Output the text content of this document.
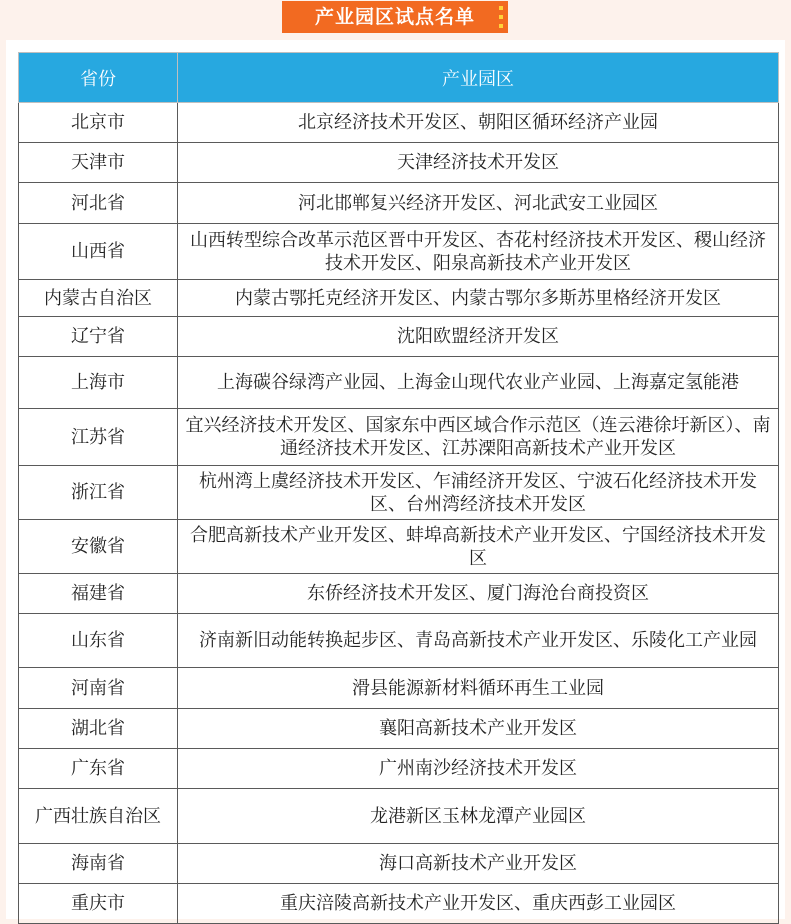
产业园区试点名单
省份	产业园区
北京市	北京经济技术开发区、朝阳区循环经济产业园
天津市	天津经济技术开发区
河北省	河北邯郸复兴经济开发区、河北武安工业园区
山西省	山西转型综合改革示范区晋中开发区、杏花村经济技术开发区、稷山经济技术开发区、阳泉高新技术产业开发区
内蒙古自治区	内蒙古鄂托克经济开发区、内蒙古鄂尔多斯苏里格经济开发区
辽宁省	沈阳欧盟经济开发区
上海市	上海碳谷绿湾产业园、上海金山现代农业产业园、上海嘉定氢能港
江苏省	宜兴经济技术开发区、国家东中西区域合作示范区（连云港徐圩新区）、南通经济技术开发区、江苏溧阳高新技术产业开发区
浙江省	杭州湾上虞经济技术开发区、乍浦经济开发区、宁波石化经济技术开发区、台州湾经济技术开发区
安徽省	合肥高新技术产业开发区、蚌埠高新技术产业开发区、宁国经济技术开发区
福建省	东侨经济技术开发区、厦门海沧台商投资区
山东省	济南新旧动能转换起步区、青岛高新技术产业开发区、乐陵化工产业园
河南省	滑县能源新材料循环再生工业园
湖北省	襄阳高新技术产业开发区
广东省	广州南沙经济技术开发区
广西壮族自治区	龙港新区玉林龙潭产业园区
海南省	海口高新技术产业开发区
重庆市	重庆涪陵高新技术产业开发区、重庆西彭工业园区
